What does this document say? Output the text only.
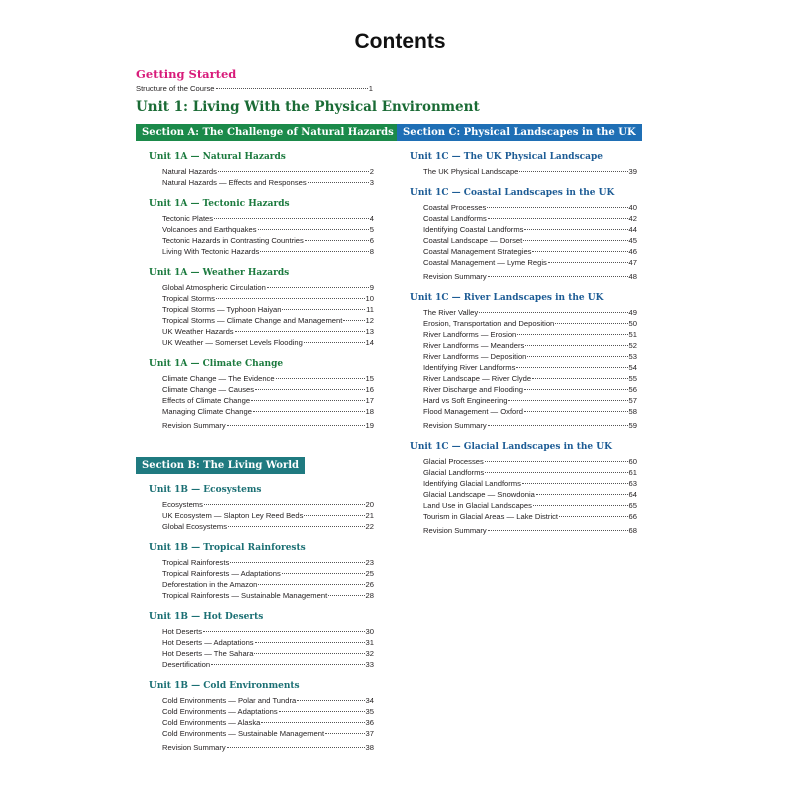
Contents
Getting Started
Structure of the Course	1
Unit 1: Living With the Physical Environment
Section A: The Challenge of Natural Hazards
Unit 1A — Natural Hazards
Natural Hazards	2
Natural Hazards — Effects and Responses	3
Unit 1A — Tectonic Hazards
Tectonic Plates	4
Volcanoes and Earthquakes	5
Tectonic Hazards in Contrasting Countries	6
Living With Tectonic Hazards	8
Unit 1A — Weather Hazards
Global Atmospheric Circulation	9
Tropical Storms	10
Tropical Storms — Typhoon Haiyan	11
Tropical Storms — Climate Change and Management	12
UK Weather Hazards	13
UK Weather — Somerset Levels Flooding	14
Unit 1A — Climate Change
Climate Change — The Evidence	15
Climate Change — Causes	16
Effects of Climate Change	17
Managing Climate Change	18
Revision Summary	19
Section B: The Living World
Unit 1B — Ecosystems
Ecosystems	20
UK Ecosystem — Slapton Ley Reed Beds	21
Global Ecosystems	22
Unit 1B — Tropical Rainforests
Tropical Rainforests	23
Tropical Rainforests — Adaptations	25
Deforestation in the Amazon	26
Tropical Rainforests — Sustainable Management	28
Unit 1B — Hot Deserts
Hot Deserts	30
Hot Deserts — Adaptations	31
Hot Deserts — The Sahara	32
Desertification	33
Unit 1B — Cold Environments
Cold Environments — Polar and Tundra	34
Cold Environments — Adaptations	35
Cold Environments — Alaska	36
Cold Environments — Sustainable Management	37
Revision Summary	38
Section C: Physical Landscapes in the UK
Unit 1C — The UK Physical Landscape
The UK Physical Landscape	39
Unit 1C — Coastal Landscapes in the UK
Coastal Processes	40
Coastal Landforms	42
Identifying Coastal Landforms	44
Coastal Landscape — Dorset	45
Coastal Management Strategies	46
Coastal Management — Lyme Regis	47
Revision Summary	48
Unit 1C — River Landscapes in the UK
The River Valley	49
Erosion, Transportation and Deposition	50
River Landforms — Erosion	51
River Landforms — Meanders	52
River Landforms — Deposition	53
Identifying River Landforms	54
River Landscape — River Clyde	55
River Discharge and Flooding	56
Hard vs Soft Engineering	57
Flood Management — Oxford	58
Revision Summary	59
Unit 1C — Glacial Landscapes in the UK
Glacial Processes	60
Glacial Landforms	61
Identifying Glacial Landforms	63
Glacial Landscape — Snowdonia	64
Land Use in Glacial Landscapes	65
Tourism in Glacial Areas — Lake District	66
Revision Summary	68
